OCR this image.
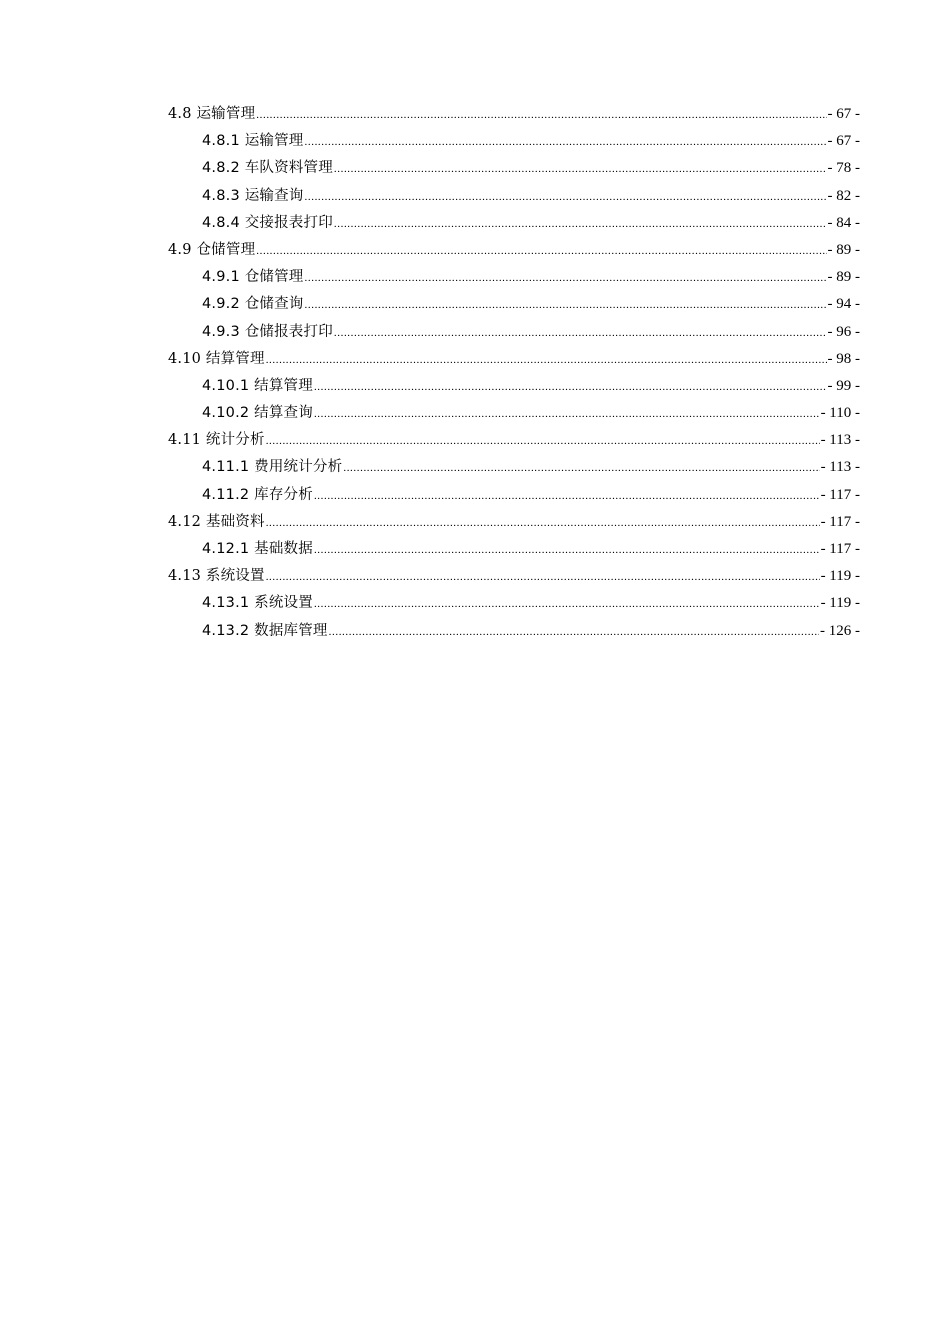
4.8 运输管理 .....	- 67 -
4.8.1 运输管理 .....	- 67 -
4.8.2 车队资料管理 .....	- 78 -
4.8.3 运输查询 .....	- 82 -
4.8.4 交接报表打印 .....	- 84 -
4.9 仓储管理 .....	- 89 -
4.9.1 仓储管理 .....	- 89 -
4.9.2 仓储查询 .....	- 94 -
4.9.3 仓储报表打印 .....	- 96 -
4.10 结算管理 .....	- 98 -
4.10.1 结算管理 .....	- 99 -
4.10.2 结算查询 .....	- 110 -
4.11 统计分析 .....	- 113 -
4.11.1 费用统计分析 .....	- 113 -
4.11.2 库存分析 .....	- 117 -
4.12 基础资料 .....	- 117 -
4.12.1 基础数据 .....	- 117 -
4.13 系统设置 .....	- 119 -
4.13.1 系统设置 .....	- 119 -
4.13.2 数据库管理 .....	- 126 -
